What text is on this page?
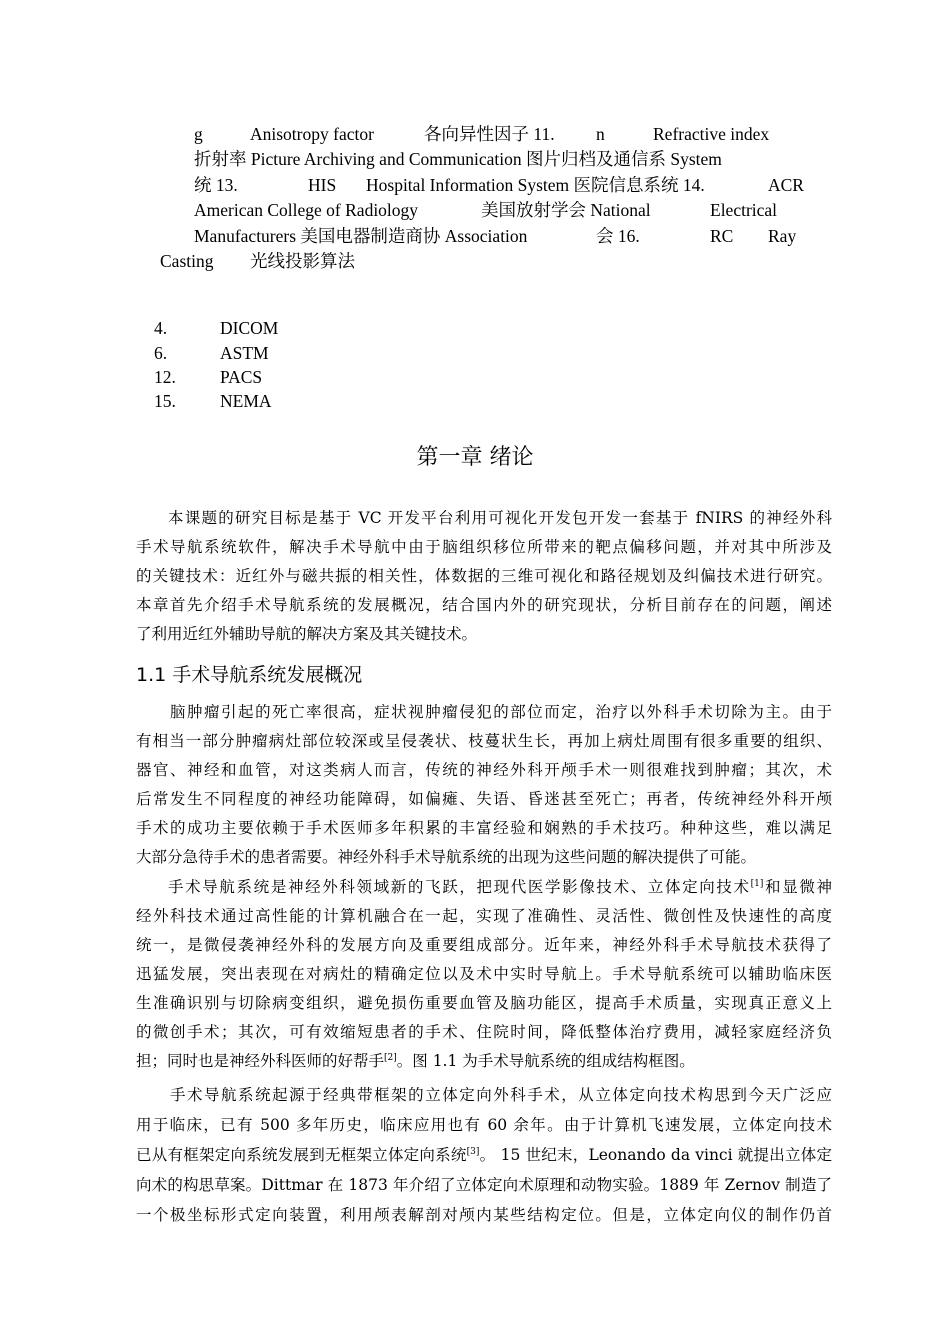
g	Anisotropy factor	各向异性因子 11. n	Refractive index
折射率 Picture Archiving and Communication 图片归档及通信系 System
统 13.	HIS Hospital Information System 医院信息系统 14.	ACR
American College of Radiology	美国放射学会 National	Electrical
Manufacturers 美国电器制造商协 Association	会 16.	RC Ray
Casting 光线投影算法
4.	DICOM
6.	ASTM
12.	PACS
15.	NEMA
第一章 绪论
本课题的研究目标是基于 VC 开发平台利用可视化开发包开发一套基于 fNIRS 的神经外科
手术导航系统软件，解决手术导航中由于脑组织移位所带来的靶点偏移问题，并对其中所涉及
的关键技术：近红外与磁共振的相关性，体数据的三维可视化和路径规划及纠偏技术进行研究。
本章首先介绍手术导航系统的发展概况，结合国内外的研究现状，分析目前存在的问题，阐述
了利用近红外辅助导航的解决方案及其关键技术。
1.1 手术导航系统发展概况
脑肿瘤引起的死亡率很高，症状视肿瘤侵犯的部位而定，治疗以外科手术切除为主。由于
有相当一部分肿瘤病灶部位较深或呈侵袭状、枝蔓状生长，再加上病灶周围有很多重要的组织、
器官、神经和血管，对这类病人而言，传统的神经外科开颅手术一则很难找到肿瘤；其次，术
后常发生不同程度的神经功能障碍，如偏瘫、失语、昏迷甚至死亡；再者，传统神经外科开颅
手术的成功主要依赖于手术医师多年积累的丰富经验和娴熟的手术技巧。种种这些，难以满足
大部分急待手术的患者需要。神经外科手术导航系统的出现为这些问题的解决提供了可能。
手术导航系统是神经外科领域新的飞跃，把现代医学影像技术、立体定向技术[1]和显微神
经外科技术通过高性能的计算机融合在一起，实现了准确性、灵活性、微创性及快速性的高度
统一，是微侵袭神经外科的发展方向及重要组成部分。近年来，神经外科手术导航技术获得了
迅猛发展，突出表现在对病灶的精确定位以及术中实时导航上。手术导航系统可以辅助临床医
生准确识别与切除病变组织，避免损伤重要血管及脑功能区，提高手术质量，实现真正意义上
的微创手术；其次，可有效缩短患者的手术、住院时间，降低整体治疗费用，减轻家庭经济负
担；同时也是神经外科医师的好帮手[2]。图 1.1 为手术导航系统的组成结构框图。
手术导航系统起源于经典带框架的立体定向外科手术，从立体定向技术构思到今天广泛应
用于临床，已有 500 多年历史，临床应用也有 60 余年。由于计算机飞速发展，立体定向技术
已从有框架定向系统发展到无框架立体定向系统[3]。 15 世纪末，Leonando da vinci 就提出立体定
向术的构思草案。Dittmar 在 1873 年介绍了立体定向术原理和动物实验。1889 年 Zernov 制造了
一个极坐标形式定向装置，利用颅表解剖对颅内某些结构定位。但是，立体定向仪的制作仍首
